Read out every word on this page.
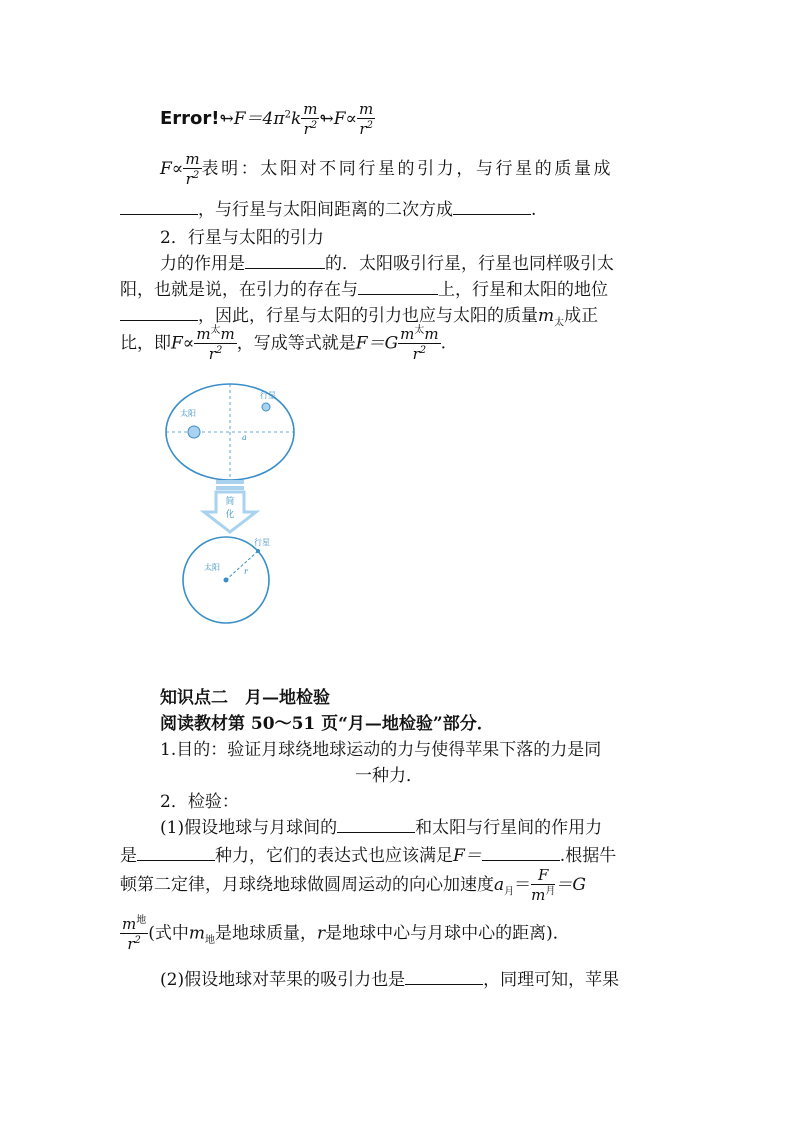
$Error!↬F=4\pi^2k \frac{m}{r^2}$ ↬F∝ $\frac{m}{r^2}$
$F\propto \frac{m}{r^2}$ 表明：太阳对不同行星的引力，与行星的质量成
，与行星与太阳间距离的二次方成	.
2．行星与太阳的引力
力的作用是	的．太阳吸引行星，行星也同样吸引太
阳，也就是说，在引力的存在与	上，行星和太阳的地位
，因此，行星与太阳的引力也应与太阳的质量$m_太$成正
比，即$F\propto \frac{m^太m}{r^2}$ ，写成等式就是$F=G \frac{m^太m}{r^2}$ .
太阳
行星
a
简
化
太阳
行星
r
知识点二　月—地检验
阅读教材第 50～51 页“月—地检验”部分．
1.目的：验证月球绕地球运动的力与使得苹果下落的力是同
一种力．
2．检验：
(1)假设地球与月球间的	和太阳与行星间的作用力
是	种力，它们的表达式也应该满足F＝	.根据牛
顿第二定律，月球绕地球做圆周运动的向心加速度$a_月= \frac{F}{m^月} =G$
$\frac{m^地}{r^2}$ (式中$m_地$是地球质量，r是地球中心与月球中心的距离)．
(2)假设地球对苹果的吸引力也是	，同理可知，苹果
